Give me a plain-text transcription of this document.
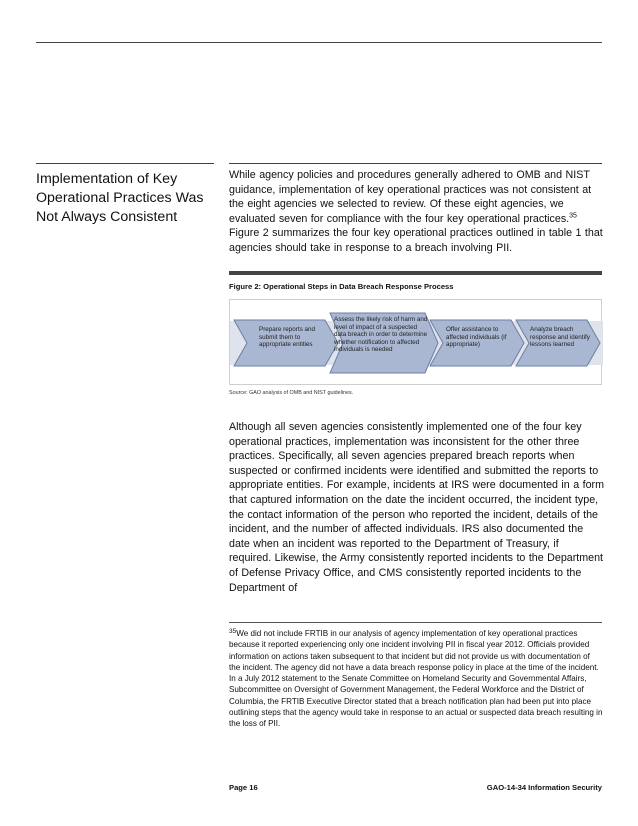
Implementation of Key Operational Practices Was Not Always Consistent

While agency policies and procedures generally adhered to OMB and NIST guidance, implementation of key operational practices was not consistent at the eight agencies we selected to review. Of these eight agencies, we evaluated seven for compliance with the four key operational practices.$^{35}$ Figure 2 summarizes the four key operational practices outlined in table 1 that agencies should take in response to a breach involving PII.

Figure 2: Operational Steps in Data Breach Response Process
Prepare reports and submit them to appropriate entities
Assess the likely risk of harm and level of impact of a suspected data breach in order to determine whether notification to affected individuals is needed
Offer assistance to affected individuals (if appropriate)
Analyze breach response and identify lessons learned
Source: GAO analysis of OMB and NIST guidelines.

Although all seven agencies consistently implemented one of the four key operational practices, implementation was inconsistent for the other three practices. Specifically, all seven agencies prepared breach reports when suspected or confirmed incidents were identified and submitted the reports to appropriate entities. For example, incidents at IRS were documented in a form that captured information on the date the incident occurred, the incident type, the contact information of the person who reported the incident, details of the incident, and the number of affected individuals. IRS also documented the date when an incident was reported to the Department of Treasury, if required. Likewise, the Army consistently reported incidents to the Department of Defense Privacy Office, and CMS consistently reported incidents to the Department of

$^{35}$We did not include FRTIB in our analysis of agency implementation of key operational practices because it reported experiencing only one incident involving PII in fiscal year 2012. Officials provided information on actions taken subsequent to that incident but did not provide us with documentation of the incident. The agency did not have a data breach response policy in place at the time of the incident. In a July 2012 statement to the Senate Committee on Homeland Security and Governmental Affairs, Subcommittee on Oversight of Government Management, the Federal Workforce and the District of Columbia, the FRTIB Executive Director stated that a breach notification plan had been put into place outlining steps that the agency would take in response to an actual or suspected data breach resulting in the loss of PII.

Page 16	GAO-14-34 Information Security
